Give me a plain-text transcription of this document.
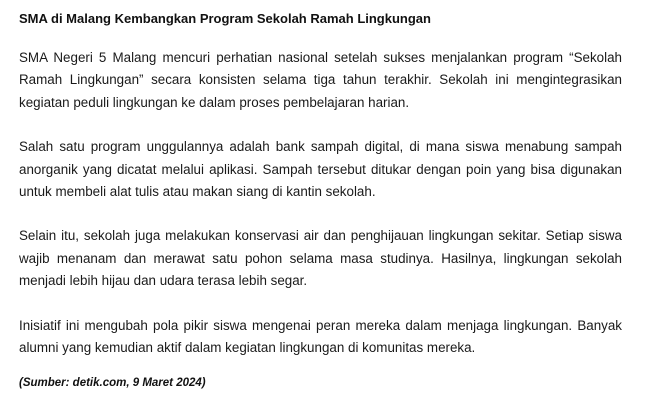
SMA di Malang Kembangkan Program Sekolah Ramah Lingkungan

SMA Negeri 5 Malang mencuri perhatian nasional setelah sukses menjalankan program “Sekolah Ramah Lingkungan” secara konsisten selama tiga tahun terakhir. Sekolah ini mengintegrasikan kegiatan peduli lingkungan ke dalam proses pembelajaran harian.

Salah satu program unggulannya adalah bank sampah digital, di mana siswa menabung sampah anorganik yang dicatat melalui aplikasi. Sampah tersebut ditukar dengan poin yang bisa digunakan untuk membeli alat tulis atau makan siang di kantin sekolah.

Selain itu, sekolah juga melakukan konservasi air dan penghijauan lingkungan sekitar. Setiap siswa wajib menanam dan merawat satu pohon selama masa studinya. Hasilnya, lingkungan sekolah menjadi lebih hijau dan udara terasa lebih segar.

Inisiatif ini mengubah pola pikir siswa mengenai peran mereka dalam menjaga lingkungan. Banyak alumni yang kemudian aktif dalam kegiatan lingkungan di komunitas mereka.

(Sumber: detik.com, 9 Maret 2024)
